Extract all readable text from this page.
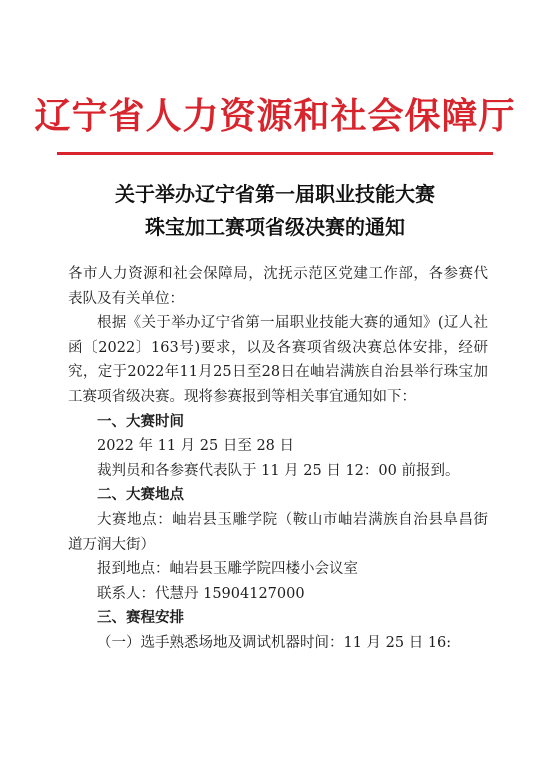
辽宁省人力资源和社会保障厅
关于举办辽宁省第一届职业技能大赛
珠宝加工赛项省级决赛的通知

各市人力资源和社会保障局，沈抚示范区党建工作部，各参赛代表队及有关单位：

根据《关于举办辽宁省第一届职业技能大赛的通知》(辽人社函〔2022〕163号)要求，以及各赛项省级决赛总体安排，经研究，定于2022年11月25日至28日在岫岩满族自治县举行珠宝加工赛项省级决赛。现将参赛报到等相关事宜通知如下：

一、大赛时间

2022 年 11 月 25 日至 28 日

裁判员和各参赛代表队于 11 月 25 日 12：00 前报到。

二、大赛地点

大赛地点：岫岩县玉雕学院（鞍山市岫岩满族自治县阜昌街道万润大街）

报到地点：岫岩县玉雕学院四楼小会议室

联系人：代慧丹 15904127000

三、赛程安排

（一）选手熟悉场地及调试机器时间：11 月 25 日 16:
